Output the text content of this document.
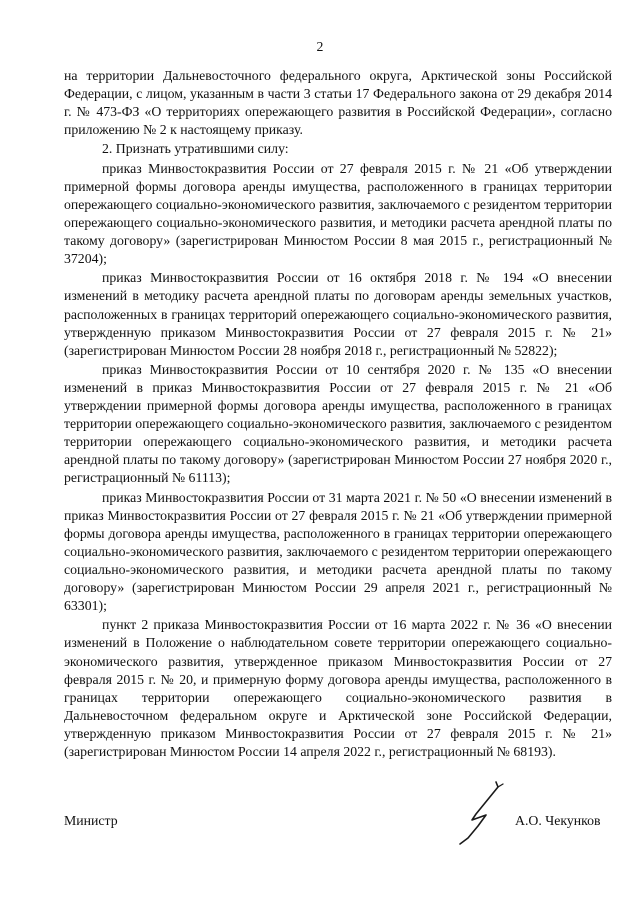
2

на территории Дальневосточного федерального округа, Арктической зоны Российской Федерации, с лицом, указанным в части 3 статьи 17 Федерального закона от 29 декабря 2014 г. № 473-ФЗ «О территориях опережающего развития в Российской Федерации», согласно приложению № 2 к настоящему приказу.

2. Признать утратившими силу:

приказ Минвостокразвития России от 27 февраля 2015 г. № 21 «Об утверждении примерной формы договора аренды имущества, расположенного в границах территории опережающего социально-экономического развития, заключаемого с резидентом территории опережающего социально-экономического развития, и методики расчета арендной платы по такому договору» (зарегистрирован Минюстом России 8 мая 2015 г., регистрационный № 37204);

приказ Минвостокразвития России от 16 октября 2018 г. № 194 «О внесении изменений в методику расчета арендной платы по договорам аренды земельных участков, расположенных в границах территорий опережающего социально-экономического развития, утвержденную приказом Минвостокразвития России от 27 февраля 2015 г. № 21» (зарегистрирован Минюстом России 28 ноября 2018 г., регистрационный № 52822);

приказ Минвостокразвития России от 10 сентября 2020 г. № 135 «О внесении изменений в приказ Минвостокразвития России от 27 февраля 2015 г. № 21 «Об утверждении примерной формы договора аренды имущества, расположенного в границах территории опережающего социально-экономического развития, заключаемого с резидентом территории опережающего социально-экономического развития, и методики расчета арендной платы по такому договору» (зарегистрирован Минюстом России 27 ноября 2020 г., регистрационный № 61113);

приказ Минвостокразвития России от 31 марта 2021 г. № 50 «О внесении изменений в приказ Минвостокразвития России от 27 февраля 2015 г. № 21 «Об утверждении примерной формы договора аренды имущества, расположенного в границах территории опережающего социально-экономического развития, заключаемого с резидентом территории опережающего социально-экономического развития, и методики расчета арендной платы по такому договору» (зарегистрирован Минюстом России 29 апреля 2021 г., регистрационный № 63301);

пункт 2 приказа Минвостокразвития России от 16 марта 2022 г. № 36 «О внесении изменений в Положение о наблюдательном совете территории опережающего социально-экономического развития, утвержденное приказом Минвостокразвития России от 27 февраля 2015 г. № 20, и примерную форму договора аренды имущества, расположенного в границах территории опережающего социально-экономического развития в Дальневосточном федеральном округе и Арктической зоне Российской Федерации, утвержденную приказом Минвостокразвития России от 27 февраля 2015 г. № 21» (зарегистрирован Минюстом России 14 апреля 2022 г., регистрационный № 68193).

Министр	А.О. Чекунков
